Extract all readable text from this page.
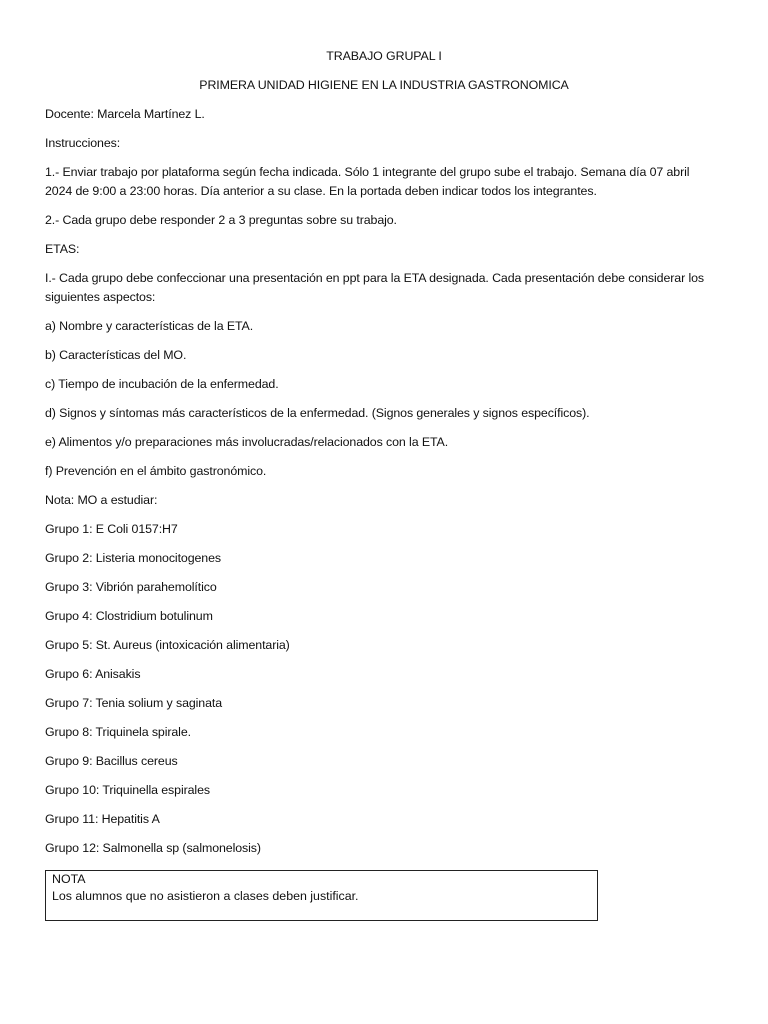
TRABAJO GRUPAL I
PRIMERA UNIDAD HIGIENE EN LA INDUSTRIA GASTRONOMICA
Docente: Marcela Martínez L.
Instrucciones:
1.- Enviar trabajo por plataforma según fecha indicada. Sólo 1 integrante del grupo sube el trabajo. Semana día 07 abril
2024 de 9:00 a 23:00 horas. Día anterior a su clase. En la portada deben indicar todos los integrantes.
2.- Cada grupo debe responder 2 a 3 preguntas sobre su trabajo.
ETAS:
I.- Cada grupo debe confeccionar una presentación en ppt para la ETA designada. Cada presentación debe considerar los
siguientes aspectos:
a) Nombre y características de la ETA.
b) Características del MO.
c) Tiempo de incubación de la enfermedad.
d) Signos y síntomas más característicos de la enfermedad. (Signos generales y signos específicos).
e) Alimentos y/o preparaciones más involucradas/relacionados con la ETA.
f) Prevención en el ámbito gastronómico.
Nota: MO a estudiar:
Grupo 1: E Coli 0157:H7
Grupo 2: Listeria monocitogenes
Grupo 3: Vibrión parahemolítico
Grupo 4: Clostridium botulinum
Grupo 5: St. Aureus (intoxicación alimentaria)
Grupo 6: Anisakis
Grupo 7: Tenia solium y saginata
Grupo 8: Triquinela spirale.
Grupo 9: Bacillus cereus
Grupo 10: Triquinella espirales
Grupo 11: Hepatitis A
Grupo 12: Salmonella sp (salmonelosis)
NOTA
Los alumnos que no asistieron a clases deben justificar.
